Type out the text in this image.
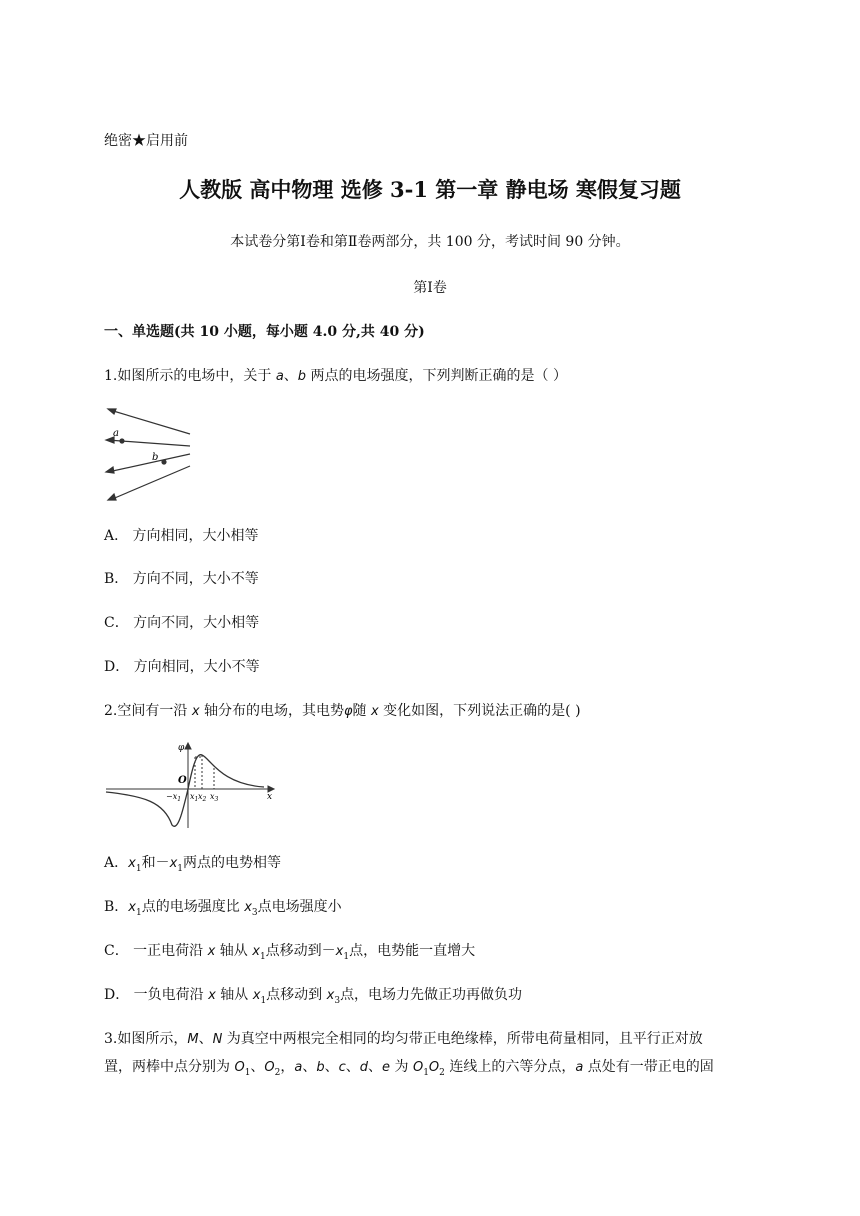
绝密★启用前
人教版 高中物理 选修 3-1 第一章 静电场 寒假复习题
本试卷分第Ⅰ卷和第Ⅱ卷两部分，共 100 分，考试时间 90 分钟。
第Ⅰ卷
一、单选题(共 10 小题，每小题 4.0 分,共 40 分)
1.如图所示的电场中，关于 a、b 两点的电场强度，下列判断正确的是（ ）
a
b
A． 方向相同，大小相等
B． 方向不同，大小不等
C． 方向不同，大小相等
D． 方向相同，大小不等
2.空间有一沿 x 轴分布的电场，其电势φ随 x 变化如图，下列说法正确的是( )
φ
O
x
$-x_1$ $x_1$ $x_2$ $x_3$
A．$x_1$和$-x_1$两点的电势相等
B．$x_1$点的电场强度比 $x_3$点电场强度小
C． 一正电荷沿 x 轴从 $x_1$点移动到$-x_1$点，电势能一直增大
D． 一负电荷沿 x 轴从 $x_1$点移动到 $x_3$点，电场力先做正功再做负功
3.如图所示，M、N 为真空中两根完全相同的均匀带正电绝缘棒，所带电荷量相同，且平行正对放
置，两棒中点分别为 $O_1$、$O_2$，a、b、c、d、e 为 $O_1O_2$ 连线上的六等分点，a 点处有一带正电的固
